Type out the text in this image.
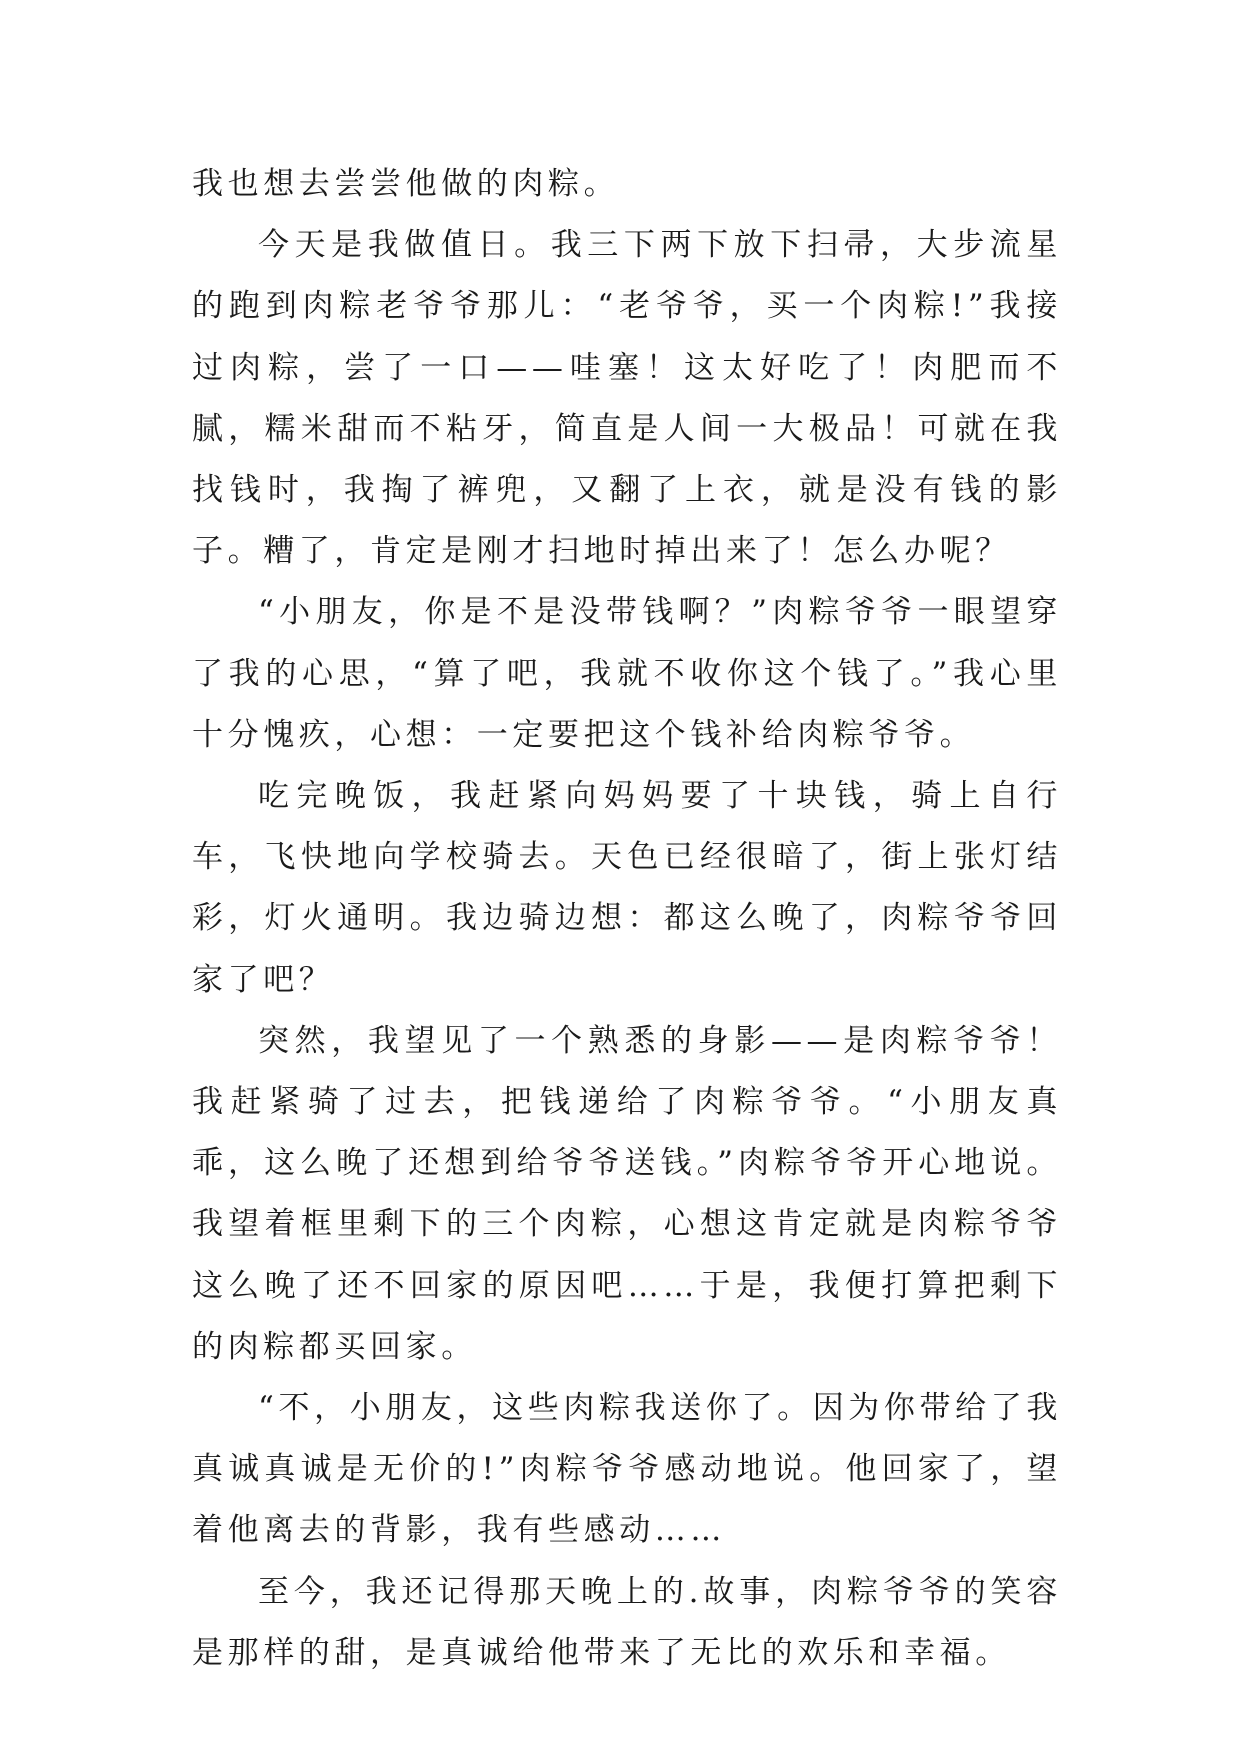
我也想去尝尝他做的肉粽。

今天是我做值日。我三下两下放下扫帚，大步流星的跑到肉粽老爷爷那儿：“老爷爷，买一个肉粽!”我接过肉粽，尝了一口——哇塞！这太好吃了！肉肥而不腻，糯米甜而不粘牙，简直是人间一大极品！可就在我找钱时，我掏了裤兜，又翻了上衣，就是没有钱的影子。糟了，肯定是刚才扫地时掉出来了！怎么办呢？

“小朋友，你是不是没带钱啊？”肉粽爷爷一眼望穿了我的心思，“算了吧，我就不收你这个钱了。”我心里十分愧疚，心想：一定要把这个钱补给肉粽爷爷。

吃完晚饭，我赶紧向妈妈要了十块钱，骑上自行车，飞快地向学校骑去。天色已经很暗了，街上张灯结彩，灯火通明。我边骑边想：都这么晚了，肉粽爷爷回家了吧？

突然，我望见了一个熟悉的身影——是肉粽爷爷！我赶紧骑了过去，把钱递给了肉粽爷爷。“小朋友真乖，这么晚了还想到给爷爷送钱。”肉粽爷爷开心地说。我望着框里剩下的三个肉粽，心想这肯定就是肉粽爷爷这么晚了还不回家的原因吧……于是，我便打算把剩下的肉粽都买回家。

“不，小朋友，这些肉粽我送你了。因为你带给了我真诚真诚是无价的!”肉粽爷爷感动地说。他回家了，望着他离去的背影，我有些感动……

至今，我还记得那天晚上的.故事，肉粽爷爷的笑容是那样的甜，是真诚给他带来了无比的欢乐和幸福。
